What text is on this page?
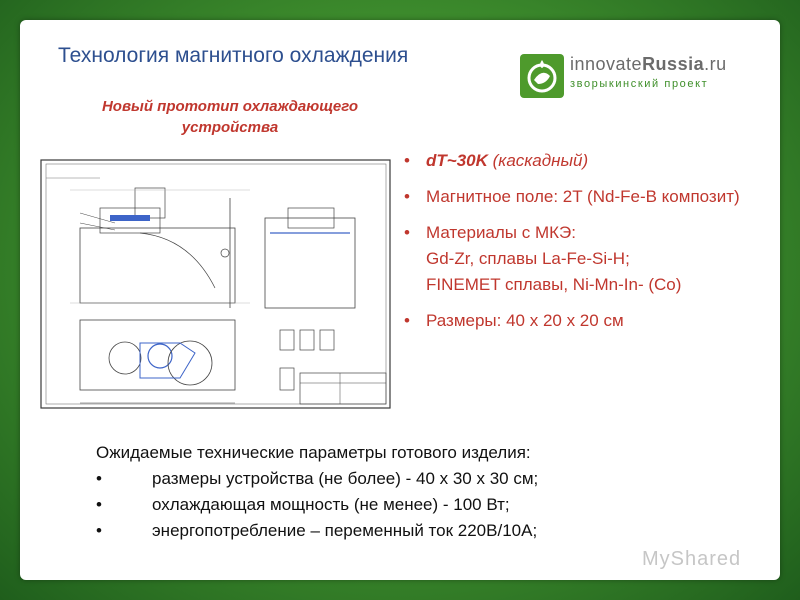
Технология магнитного охлаждения	innovateRussia.ru
зворыкинский проект
Новый прототип охлаждающего
устройства
• dT~30K (каскадный)
• Магнитное поле: 2T (Nd-Fe-B композит)
• Материалы с МКЭ:
Gd-Zr, сплавы La-Fe-Si-H;
FINEMET сплавы, Ni-Mn-In- (Co)
• Размеры: 40 х 20 х 20 см
Ожидаемые технические параметры готового изделия:
•	размеры устройства (не более) - 40 х 30 х 30 см;
•	охлаждающая мощность (не менее) - 100 Вт;
•	энергопотребление – переменный ток 220В/10А;
MyShared
